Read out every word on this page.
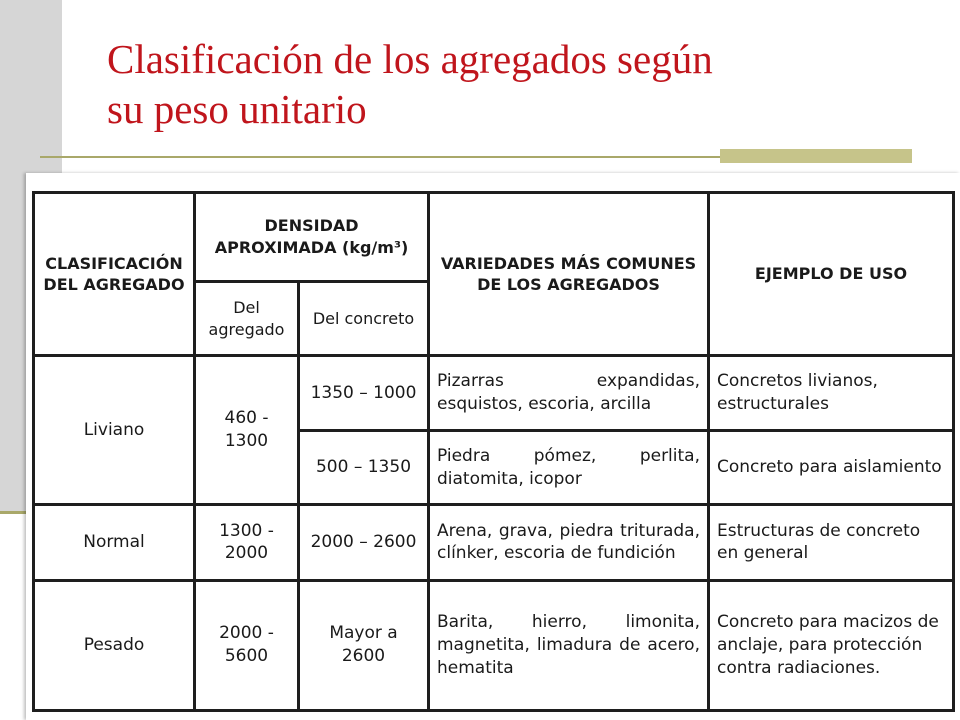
Clasificación de los agregados según
su peso unitario
CLASIFICACIÓN DEL AGREGADO	DENSIDAD APROXIMADA (kg/m³)		VARIEDADES MÁS COMUNES DE LOS AGREGADOS	EJEMPLO DE USO
	Del agregado	Del concreto		
Liviano	460 - 1300	1350 – 1000	Pizarras expandidas, esquistos, escoria, arcilla	Concretos livianos, estructurales
		500 – 1350	Piedra pómez, perlita, diatomita, icopor	Concreto para aislamiento
Normal	1300 - 2000	2000 – 2600	Arena, grava, piedra triturada, clínker, escoria de fundición	Estructuras de concreto en general
Pesado	2000 - 5600	Mayor a 2600	Barita, hierro, limonita, magnetita, limadura de acero, hematita	Concreto para macizos de anclaje, para protección contra radiaciones.
